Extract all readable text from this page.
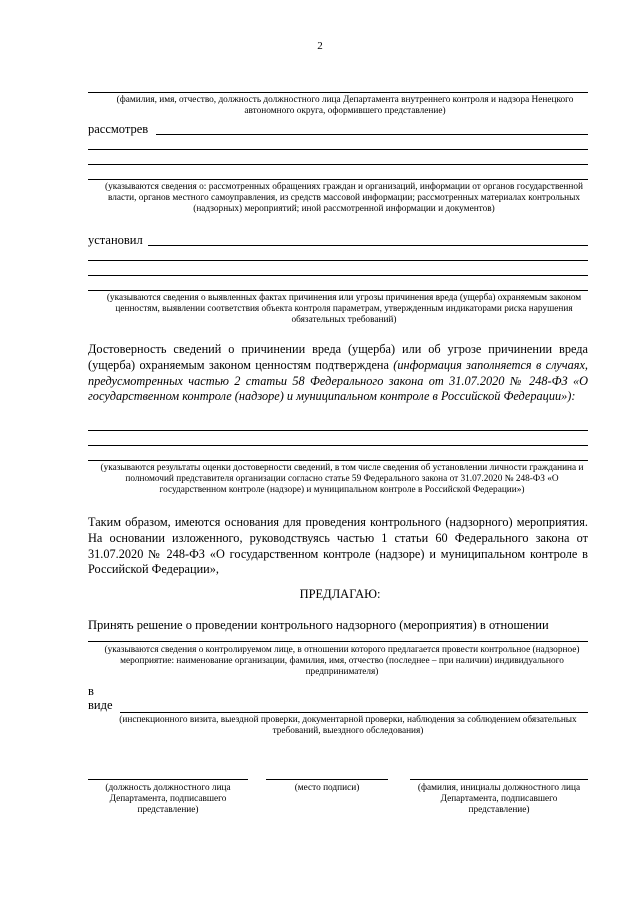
2
(фамилия, имя, отчество, должность должностного лица Департамента внутреннего контроля и надзора Ненецкого автономного округа, оформившего представление)
рассмотрев
(указываются сведения о: рассмотренных обращениях граждан и организаций, информации от органов государственной власти, органов местного самоуправления, из средств массовой информации; рассмотренных материалах контрольных (надзорных) мероприятий; иной рассмотренной информации и документов)
установил
(указываются сведения о выявленных фактах причинения или угрозы причинения вреда (ущерба) охраняемым законом ценностям, выявлении соответствия объекта контроля параметрам, утвержденным индикаторами риска нарушения обязательных требований)
Достоверность сведений о причинении вреда (ущерба) или об угрозе причинении вреда (ущерба) охраняемым законом ценностям подтверждена (информация заполняется в случаях, предусмотренных частью 2 статьи 58 Федерального закона от 31.07.2020 № 248-ФЗ «О государственном контроле (надзоре) и муниципальном контроле в Российской Федерации»):
(указываются результаты оценки достоверности сведений, в том числе сведения об установлении личности гражданина и полномочий представителя организации согласно статье 59 Федерального закона от 31.07.2020 № 248-ФЗ «О государственном контроле (надзоре) и муниципальном контроле в Российской Федерации»)
Таким образом, имеются основания для проведения контрольного (надзорного) мероприятия. На основании изложенного, руководствуясь частью 1 статьи 60 Федерального закона от 31.07.2020 № 248-ФЗ «О государственном контроле (надзоре) и муниципальном контроле в Российской Федерации»,
ПРЕДЛАГАЮ:
Принять решение о проведении контрольного надзорного (мероприятия) в отношении
(указываются сведения о контролируемом лице, в отношении которого предлагается провести контрольное (надзорное) мероприятие: наименование организации, фамилия, имя, отчество (последнее – при наличии) индивидуального предпринимателя)
в
виде
(инспекционного визита, выездной проверки, документарной проверки, наблюдения за соблюдением обязательных требований, выездного обследования)
(должность должностного лица Департамента, подписавшего представление)
(место подписи)	(фамилия, инициалы должностного лица Департамента, подписавшего представление)
